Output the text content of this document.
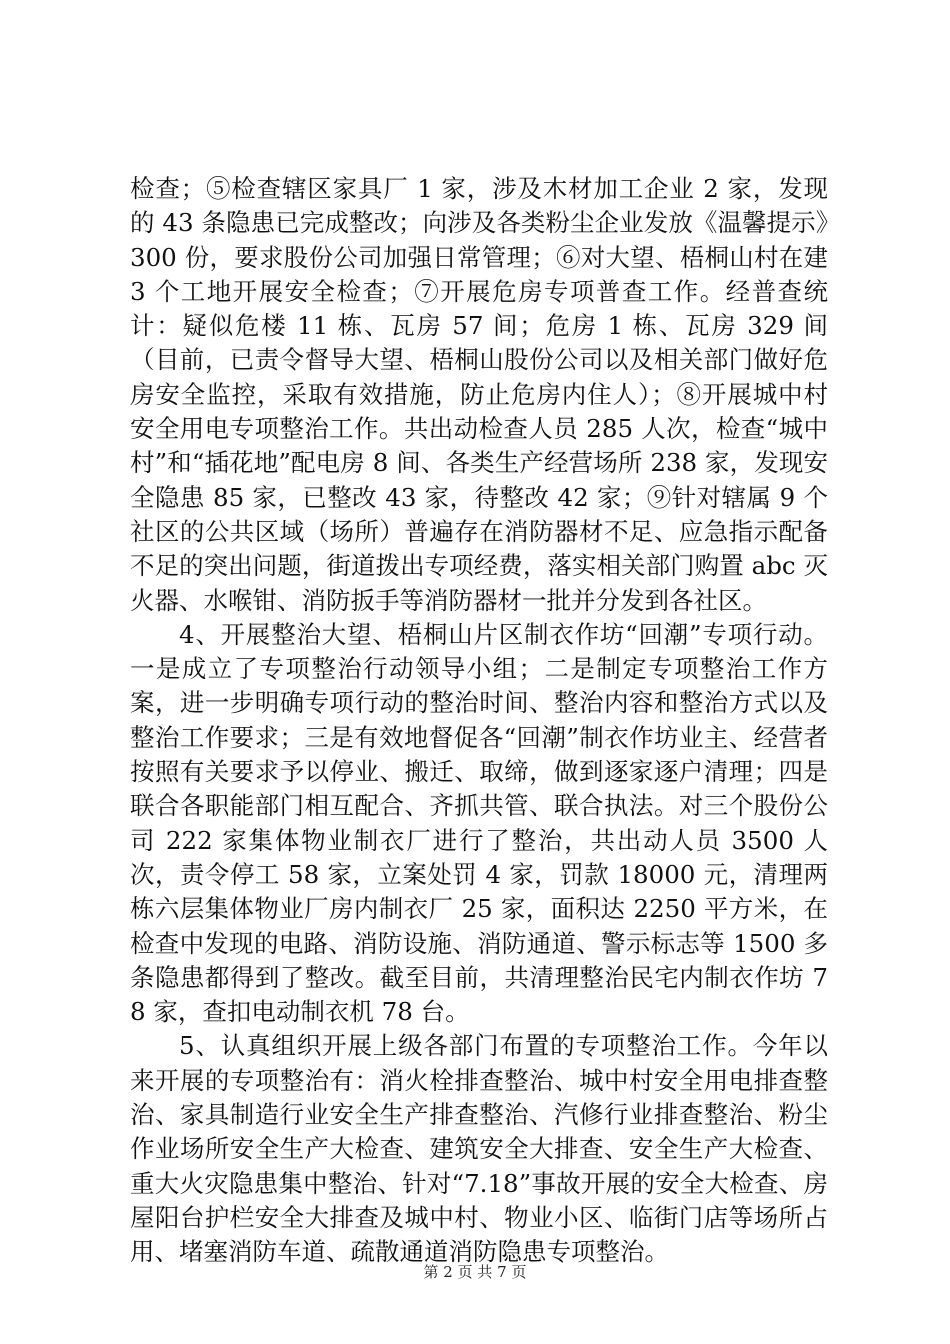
检查；⑤检查辖区家具厂 1 家，涉及木材加工企业 2 家，发现的 43 条隐患已完成整改；向涉及各类粉尘企业发放《温馨提示》300 份，要求股份公司加强日常管理；⑥对大望、梧桐山村在建 3 个工地开展安全检查；⑦开展危房专项普查工作。经普查统计：疑似危楼 11 栋、瓦房 57 间；危房 1 栋、瓦房 329 间（目前，已责令督导大望、梧桐山股份公司以及相关部门做好危房安全监控，采取有效措施，防止危房内住人）；⑧开展城中村安全用电专项整治工作。共出动检查人员 285 人次，检查“城中村”和“插花地”配电房 8 间、各类生产经营场所 238 家，发现安全隐患 85 家，已整改 43 家，待整改 42 家；⑨针对辖属 9 个社区的公共区域（场所）普遍存在消防器材不足、应急指示配备不足的突出问题，街道拨出专项经费，落实相关部门购置 abc 灭火器、水喉钳、消防扳手等消防器材一批并分发到各社区。

4、开展整治大望、梧桐山片区制衣作坊“回潮”专项行动。一是成立了专项整治行动领导小组；二是制定专项整治工作方案，进一步明确专项行动的整治时间、整治内容和整治方式以及整治工作要求；三是有效地督促各“回潮”制衣作坊业主、经营者按照有关要求予以停业、搬迁、取缔，做到逐家逐户清理；四是联合各职能部门相互配合、齐抓共管、联合执法。对三个股份公司 222 家集体物业制衣厂进行了整治，共出动人员 3500 人次，责令停工 58 家，立案处罚 4 家，罚款 18000 元，清理两栋六层集体物业厂房内制衣厂 25 家，面积达 2250 平方米，在检查中发现的电路、消防设施、消防通道、警示标志等 1500 多条隐患都得到了整改。截至目前，共清理整治民宅内制衣作坊 78 家，查扣电动制衣机 78 台。

5、认真组织开展上级各部门布置的专项整治工作。今年以来开展的专项整治有：消火栓排查整治、城中村安全用电排查整治、家具制造行业安全生产排查整治、汽修行业排查整治、粉尘作业场所安全生产大检查、建筑安全大排查、安全生产大检查、重大火灾隐患集中整治、针对“7.18”事故开展的安全大检查、房屋阳台护栏安全大排查及城中村、物业小区、临街门店等场所占用、堵塞消防车道、疏散通道消防隐患专项整治。

第 2 页 共 7 页
